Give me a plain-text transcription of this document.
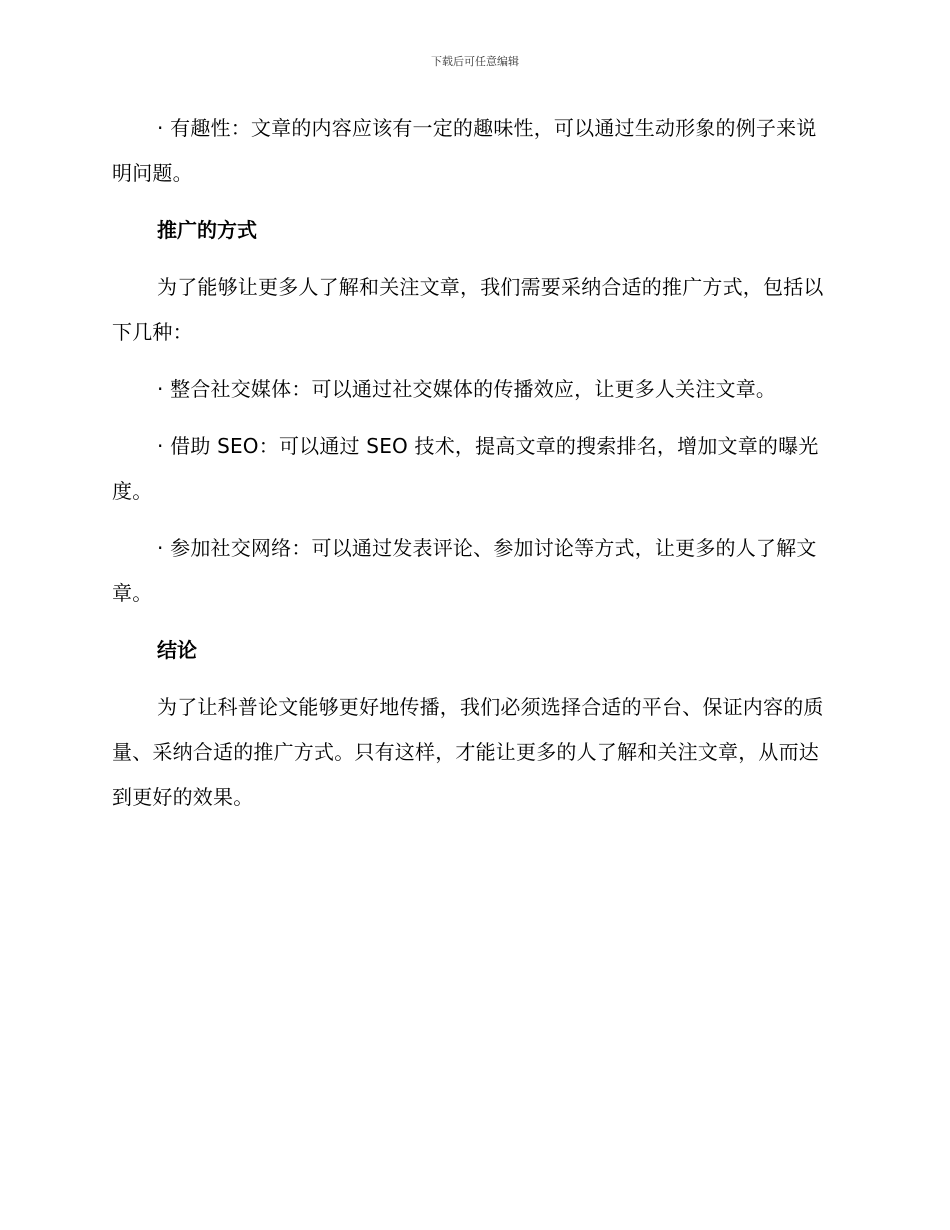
下载后可任意编辑

· 有趣性：文章的内容应该有一定的趣味性，可以通过生动形象的例子来说明问题。

推广的方式

为了能够让更多人了解和关注文章，我们需要采纳合适的推广方式，包括以下几种：

· 整合社交媒体：可以通过社交媒体的传播效应，让更多人关注文章。

· 借助 SEO：可以通过 SEO 技术，提高文章的搜索排名，增加文章的曝光度。

· 参加社交网络：可以通过发表评论、参加讨论等方式，让更多的人了解文章。

结论

为了让科普论文能够更好地传播，我们必须选择合适的平台、保证内容的质量、采纳合适的推广方式。只有这样，才能让更多的人了解和关注文章，从而达到更好的效果。
